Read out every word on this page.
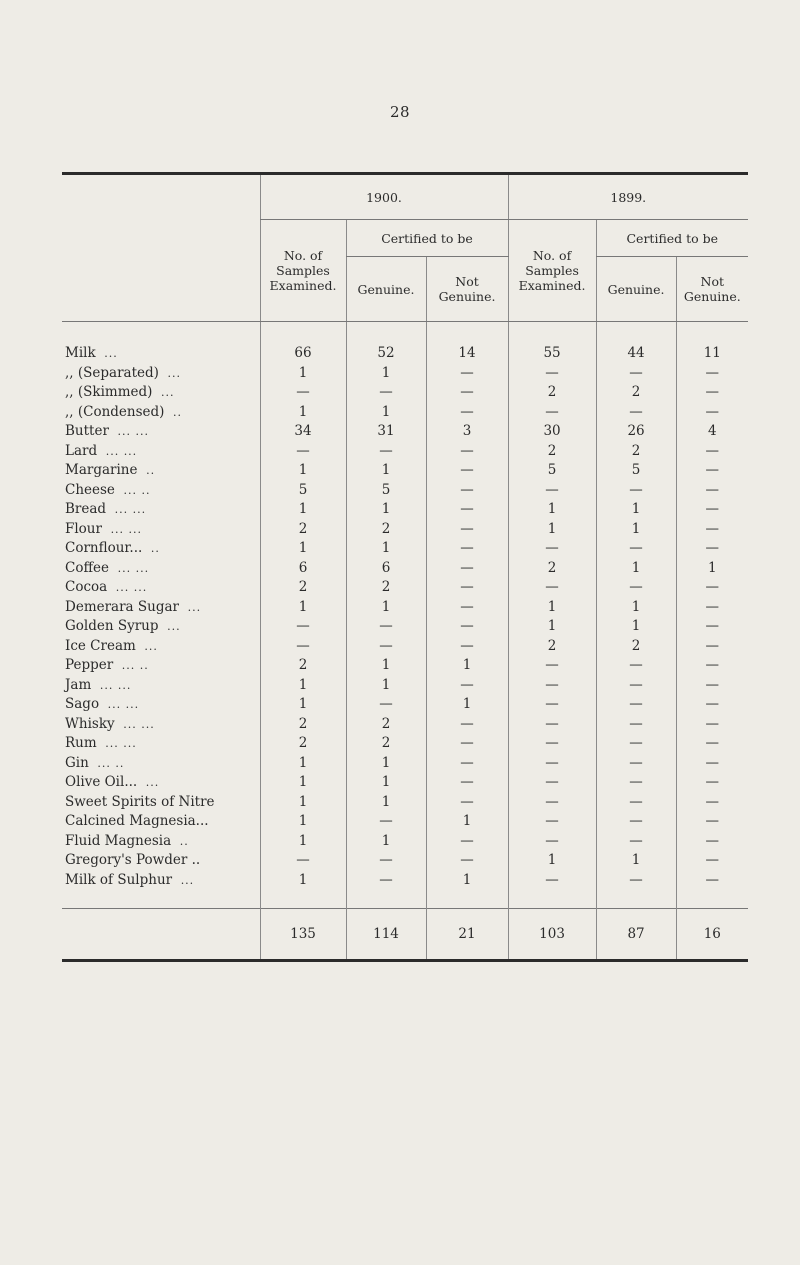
28
	1900.			1899.		
	No. of Samples Examined.	Certified to be		No. of Samples Examined.	Certified to be	
		Genuine.	Not Genuine.		Genuine.	Not Genuine.
Milk ...	66	52	14	55	44	11
,, (Separated) ...	1	1	—	—	—	—
,, (Skimmed) ...	—	—	—	2	2	—
,, (Condensed) ..	1	1	—	—	—	—
Butter ... ...	34	31	3	30	26	4
Lard ... ...	—	—	—	2	2	—
Margarine ..	1	1	—	5	5	—
Cheese ... ..	5	5	—	—	—	—
Bread ... ...	1	1	—	1	1	—
Flour ... ...	2	2	—	1	1	—
Cornflour... ..	1	1	—	—	—	—
Coffee ... ...	6	6	—	2	1	1
Cocoa ... ...	2	2	—	—	—	—
Demerara Sugar ...	1	1	—	1	1	—
Golden Syrup ...	—	—	—	1	1	—
Ice Cream ...	—	—	—	2	2	—
Pepper ... ..	2	1	1	—	—	—
Jam ... ...	1	1	—	—	—	—
Sago ... ...	1	—	1	—	—	—
Whisky ... ...	2	2	—	—	—	—
Rum ... ...	2	2	—	—	—	—
Gin ... ..	1	1	—	—	—	—
Olive Oil... ...	1	1	—	—	—	—
Sweet Spirits of Nitre	1	1	—	—	—	—
Calcined Magnesia...	1	—	1	—	—	—
Fluid Magnesia ..	1	1	—	—	—	—
Gregory's Powder ..	—	—	—	1	1	—
Milk of Sulphur ...	1	—	1	—	—	—
	135	114	21	103	87	16
